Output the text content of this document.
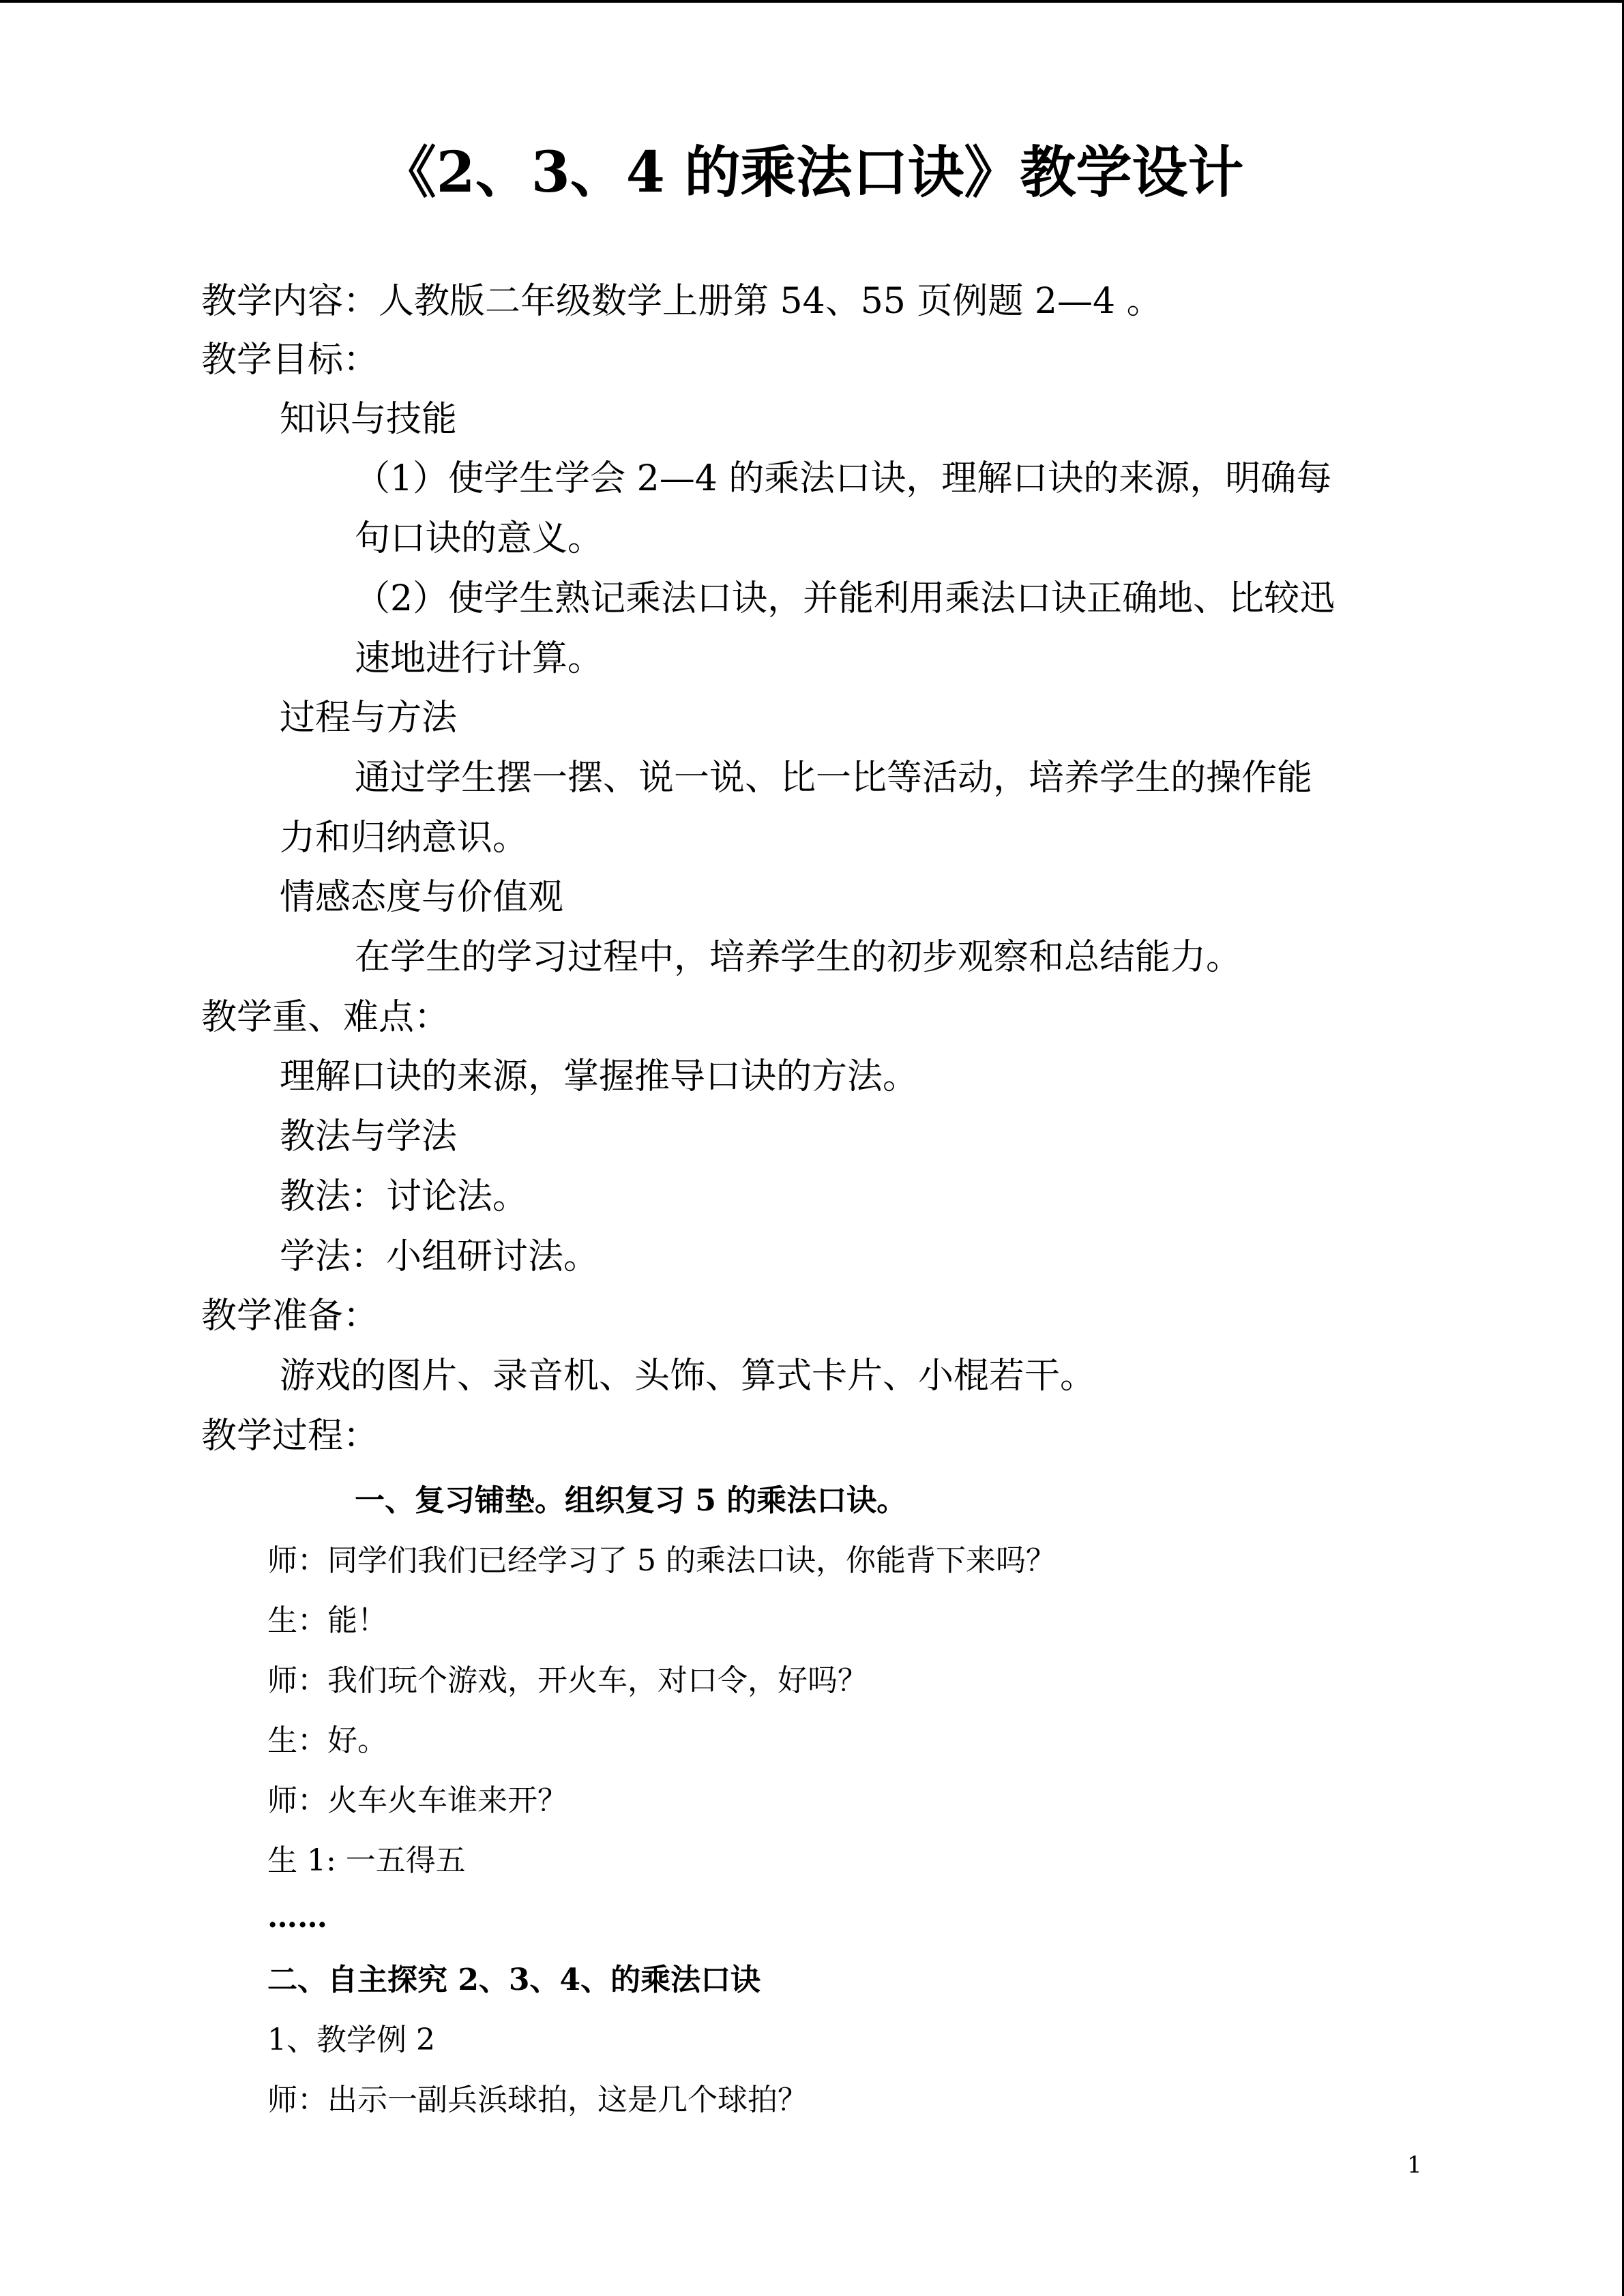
《2、3、4 的乘法口诀》教学设计
教学内容：人教版二年级数学上册第 54、55 页例题 2—4 。
教学目标：
知识与技能
（1）使学生学会 2—4 的乘法口诀，理解口诀的来源，明确每
句口诀的意义。
（2）使学生熟记乘法口诀，并能利用乘法口诀正确地、比较迅
速地进行计算。
过程与方法
通过学生摆一摆、说一说、比一比等活动，培养学生的操作能
力和归纳意识。
情感态度与价值观
在学生的学习过程中，培养学生的初步观察和总结能力。
教学重、难点：
理解口诀的来源，掌握推导口诀的方法。
教法与学法
教法：讨论法。
学法：小组研讨法。
教学准备：
游戏的图片、录音机、头饰、算式卡片、小棍若干。
教学过程：
一、复习铺垫。组织复习 5 的乘法口诀。
师：同学们我们已经学习了 5 的乘法口诀，你能背下来吗？
生：能！
师：我们玩个游戏，开火车，对口令，好吗？
生：好。
师：火车火车谁来开？
生 1: 一五得五
……
二、自主探究 2、3、4、的乘法口诀
1、教学例 2
师：出示一副兵浜球拍，这是几个球拍？
1
